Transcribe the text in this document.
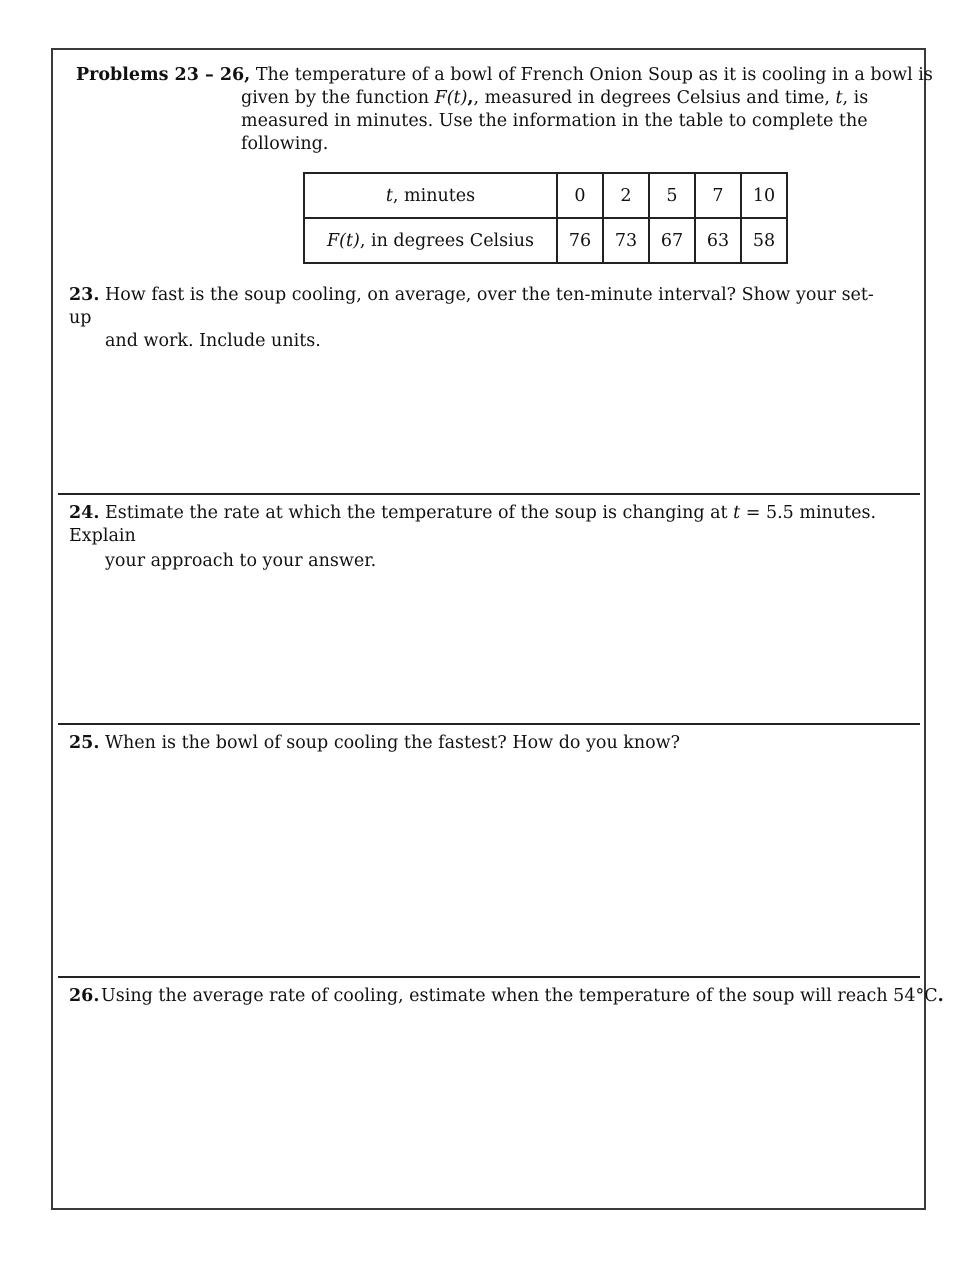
Problems 23 – 26, The temperature of a bowl of French Onion Soup as it is cooling in a bowl is
given by the function F(t),, measured in degrees Celsius and time, t, is
measured in minutes. Use the information in the table to complete the
following.
t, minutes	0	2	5	7	10
F(t), in degrees Celsius	76	73	67	63	58
23. How fast is the soup cooling, on average, over the ten-minute interval? Show your set-up
and work. Include units.
24. Estimate the rate at which the temperature of the soup is changing at t = 5.5 minutes. Explain
your approach to your answer.
25. When is the bowl of soup cooling the fastest? How do you know?
26.Using the average rate of cooling, estimate when the temperature of the soup will reach 54°C.
